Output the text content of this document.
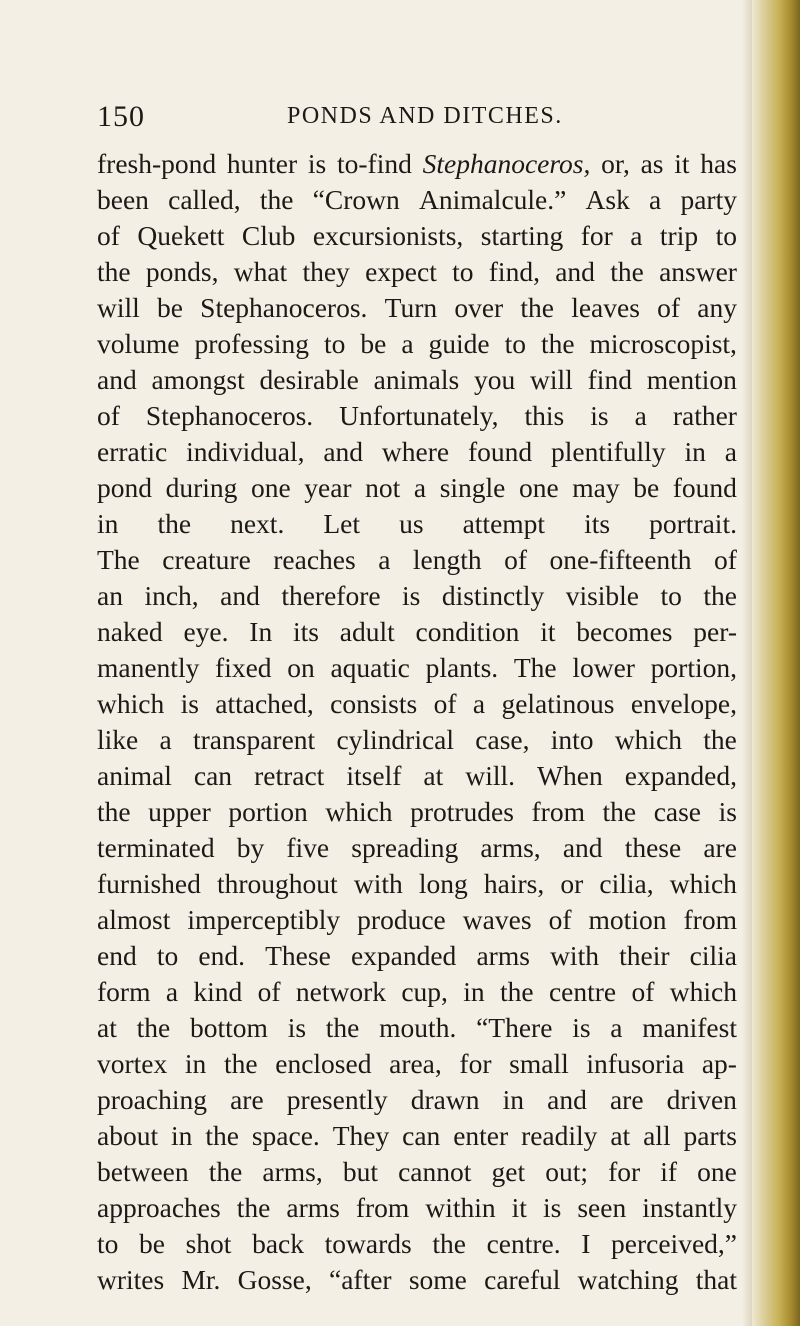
150	PONDS AND DITCHES.
fresh-pond hunter is to-find Stephanoceros, or, as it has
been called, the “Crown Animalcule.” Ask a party
of Quekett Club excursionists, starting for a trip to
the ponds, what they expect to find, and the answer
will be Stephanoceros. Turn over the leaves of any
volume professing to be a guide to the microscopist,
and amongst desirable animals you will find mention
of Stephanoceros. Unfortunately, this is a rather
erratic individual, and where found plentifully in a
pond during one year not a single one may be found
in the next. Let us attempt its portrait.
The creature reaches a length of one-fifteenth of
an inch, and therefore is distinctly visible to the
naked eye. In its adult condition it becomes per-
manently fixed on aquatic plants. The lower portion,
which is attached, consists of a gelatinous envelope,
like a transparent cylindrical case, into which the
animal can retract itself at will. When expanded,
the upper portion which protrudes from the case is
terminated by five spreading arms, and these are
furnished throughout with long hairs, or cilia, which
almost imperceptibly produce waves of motion from
end to end. These expanded arms with their cilia
form a kind of network cup, in the centre of which
at the bottom is the mouth. “There is a manifest
vortex in the enclosed area, for small infusoria ap-
proaching are presently drawn in and are driven
about in the space. They can enter readily at all parts
between the arms, but cannot get out; for if one
approaches the arms from within it is seen instantly
to be shot back towards the centre. I perceived,”
writes Mr. Gosse, “after some careful watching that
